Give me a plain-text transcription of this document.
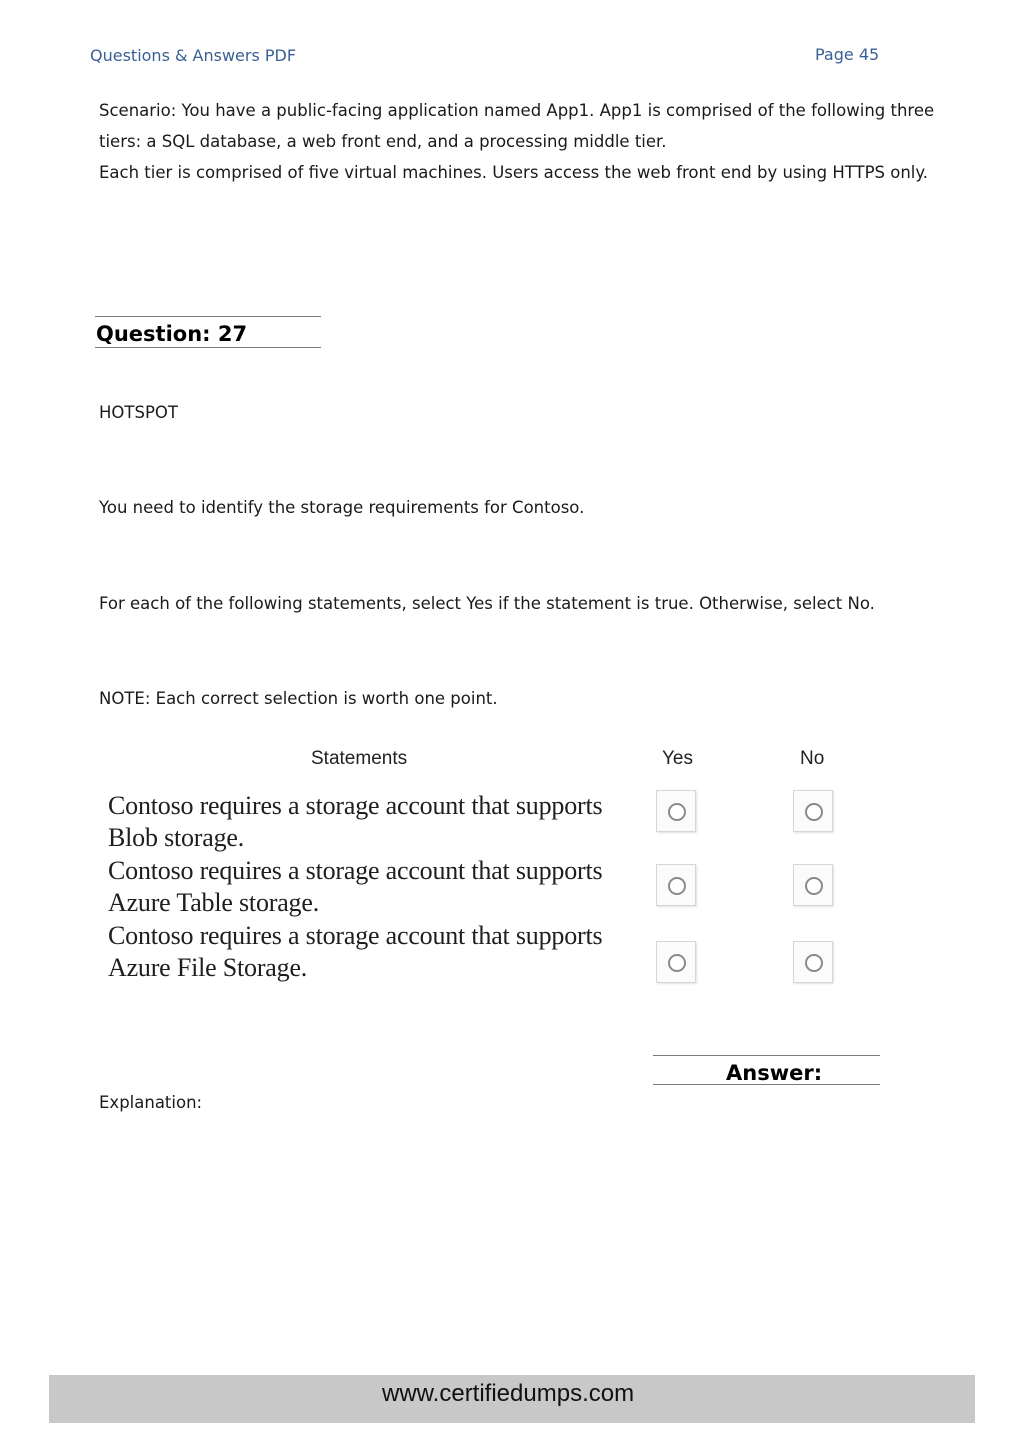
Questions & Answers PDF	Page 45
Scenario: You have a public-facing application named App1. App1 is comprised of the following three
tiers: a SQL database, a web front end, and a processing middle tier.
Each tier is comprised of five virtual machines. Users access the web front end by using HTTPS only.
Question: 27
HOTSPOT
You need to identify the storage requirements for Contoso.
For each of the following statements, select Yes if the statement is true. Otherwise, select No.
NOTE: Each correct selection is worth one point.
Statements	Yes	No
Contoso requires a storage account that supports
Blob storage.
Contoso requires a storage account that supports
Azure Table storage.
Contoso requires a storage account that supports
Azure File Storage.
Answer:
Explanation:
www.certifiedumps.com
